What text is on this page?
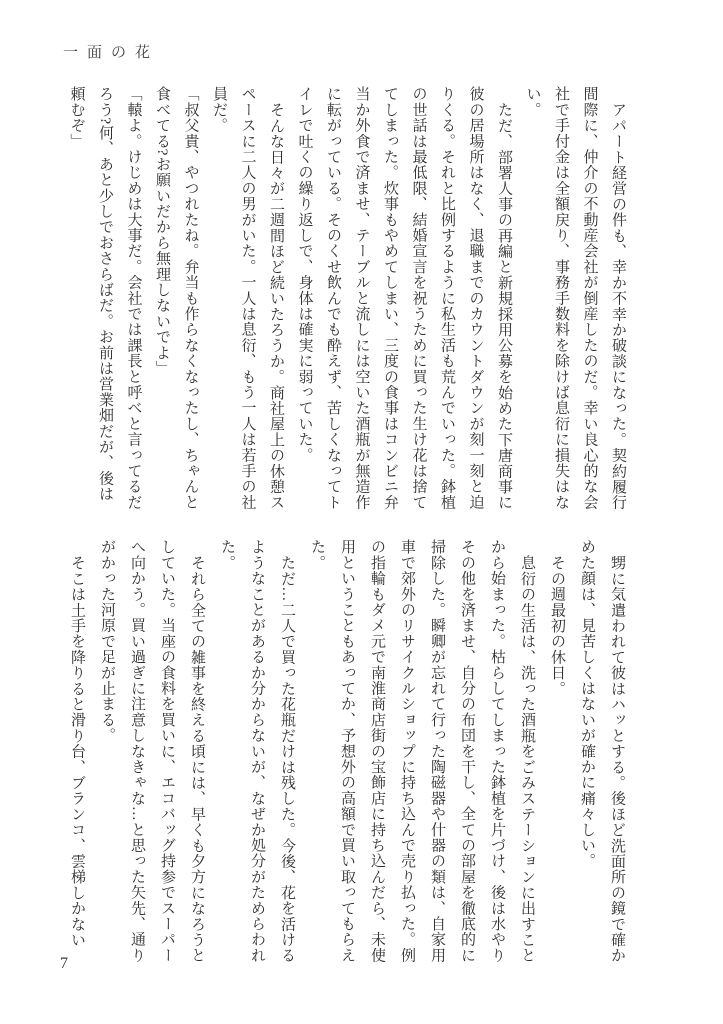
一面の花

アパート経営の件も、幸か不幸か破談になった。契約履行間際に、仲介の不動産会社が倒産したのだ。幸い良心的な会社で手付金は全額戻り、事務手数料を除けば息衍に損失はない。

ただ、部署人事の再編と新規採用公募を始めた下唐商事に彼の居場所はなく、退職までのカウントダウンが刻一刻と迫りくる。それと比例するように私生活も荒んでいった。鉢植の世話は最低限、結婚宣言を祝うために買った生け花は捨ててしまった。炊事もやめてしまい、三度の食事はコンビニ弁当か外食で済ませ、テーブルと流しには空いた酒瓶が無造作に転がっている。そのくせ飲んでも酔えず、苦しくなってトイレで吐くの繰り返しで、身体は確実に弱っていた。

そんな日々が二週間ほど続いたろうか。商社屋上の休憩スペースに二人の男がいた。一人は息衍、もう一人は若手の社員だ。

「叔父貴、やつれたね。弁当も作らなくなったし、ちゃんと食べてる?お願いだから無理しないでよ」

「轅よ。けじめは大事だ。会社では課長と呼べと言ってるだろう?何、あと少しでおさらばだ。お前は営業畑だが、後は頼むぞ」

甥に気遣われて彼はハッとする。後ほど洗面所の鏡で確かめた顔は、見苦しくはないが確かに痛々しい。

その週最初の休日。

息衍の生活は、洗った酒瓶をごみステーションに出すことから始まった。枯らしてしまった鉢植を片づけ、後は水やりその他を済ませ、自分の布団を干し、全ての部屋を徹底的に掃除した。瞬卿が忘れて行った陶磁器や什器の類は、自家用車で郊外のリサイクルショップに持ち込んで売り払った。例の指輪もダメ元で南淮商店街の宝飾店に持ち込んだら、未使用ということもあってか、予想外の高額で買い取ってもらえた。

ただ…二人で買った花瓶だけは残した。今後、花を活けるようなことがあるか分からないが、なぜか処分がためらわれた。

それら全ての雑事を終える頃には、早くも夕方になろうとしていた。当座の食料を買いに、エコバッグ持参でスーパーへ向かう。買い過ぎに注意しなきゃな…と思った矢先、通りがかった河原で足が止まる。

そこは土手を降りると滑り台、ブランコ、雲梯しかない

7
